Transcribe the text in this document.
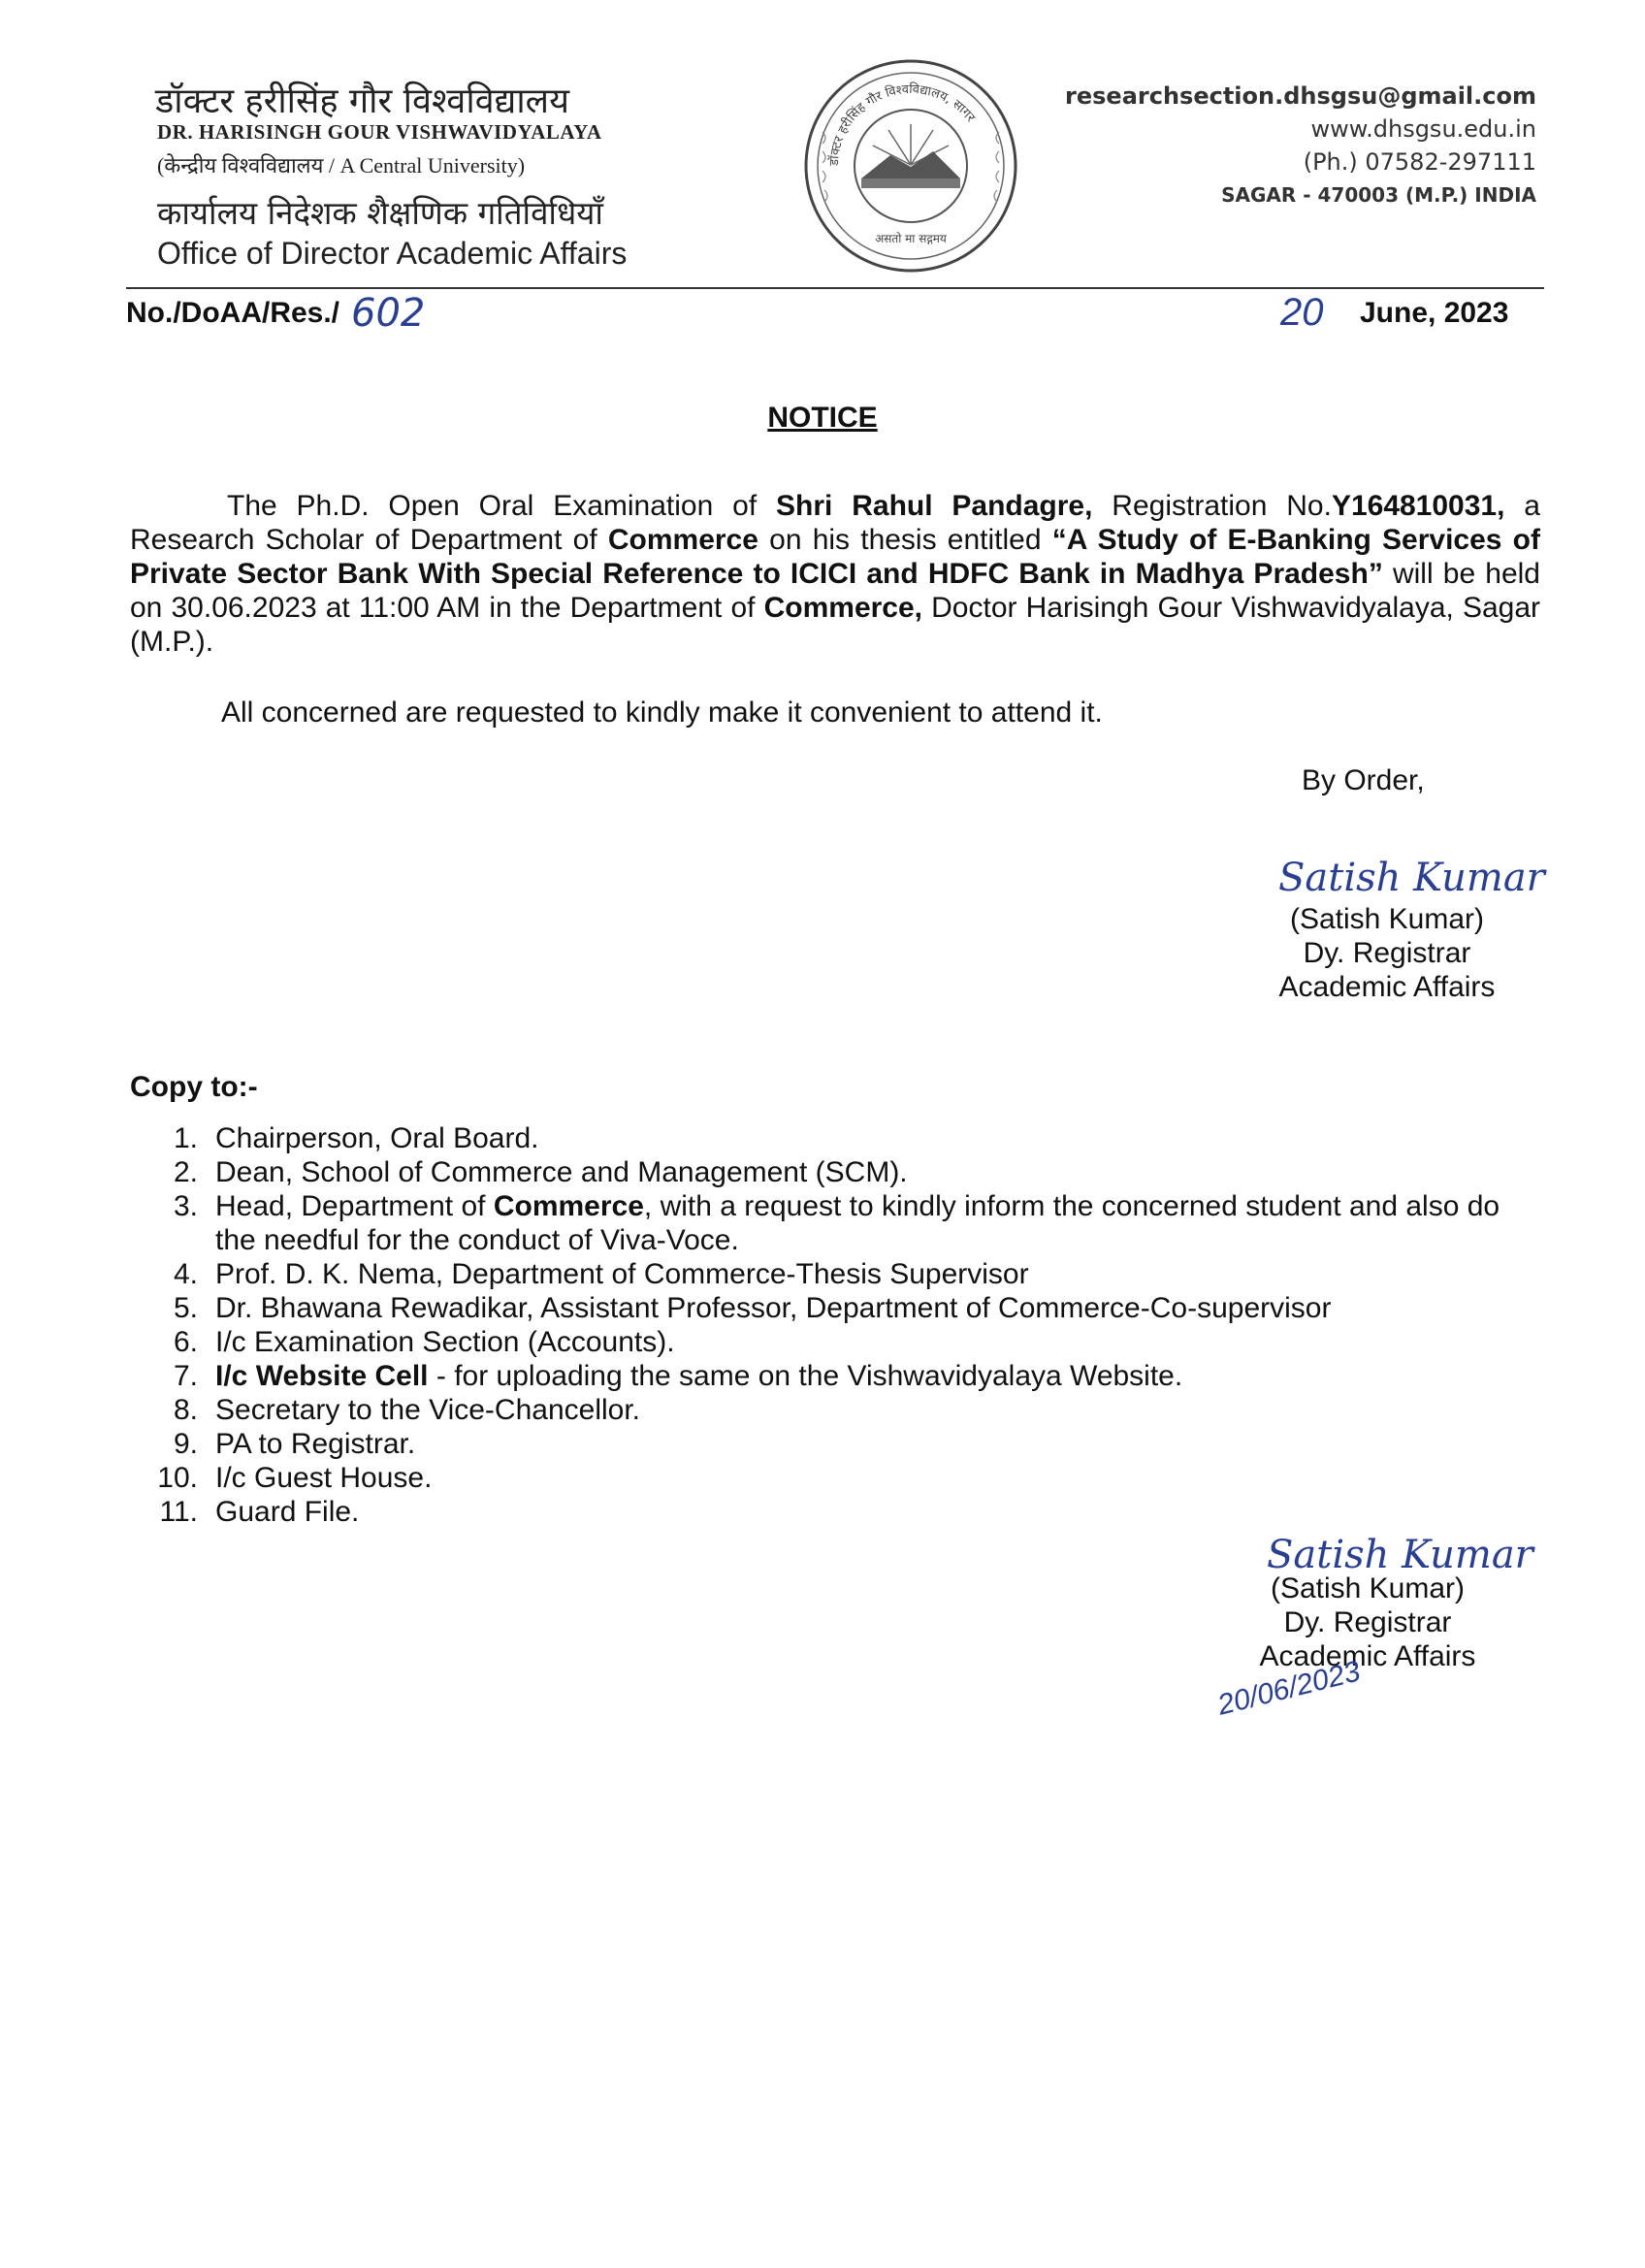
डॉक्टर हरीसिंह गौर विश्वविद्यालय
DR. HARISINGH GOUR VISHWAVIDYALAYA
(केन्द्रीय विश्वविद्यालय / A Central University)
कार्यालय निदेशक शैक्षणिक गतिविधियाँ
Office of Director Academic Affairs
डॉक्टर हरीसिंह गौर विश्वविद्यालय, सागर
असतो मा सद्गमय
researchsection.dhsgsu@gmail.com
www.dhsgsu.edu.in
(Ph.) 07582-297111
SAGAR - 470003 (M.P.) INDIA
No./DoAA/Res./ 602	20 June, 2023
NOTICE
The Ph.D. Open Oral Examination of Shri Rahul Pandagre, Registration No.Y164810031, a Research Scholar of Department of Commerce on his thesis entitled “A Study of E-Banking Services of Private Sector Bank With Special Reference to ICICI and HDFC Bank in Madhya Pradesh” will be held on 30.06.2023 at 11:00 AM in the Department of Commerce, Doctor Harisingh Gour Vishwavidyalaya, Sagar (M.P.).
All concerned are requested to kindly make it convenient to attend it.
By Order,
Satish Kumar
(Satish Kumar)
Dy. Registrar
Academic Affairs
Copy to:-
1. Chairperson, Oral Board.
2. Dean, School of Commerce and Management (SCM).
3. Head, Department of Commerce, with a request to kindly inform the concerned student and also do the needful for the conduct of Viva-Voce.
4. Prof. D. K. Nema, Department of Commerce-Thesis Supervisor
5. Dr. Bhawana Rewadikar, Assistant Professor, Department of Commerce-Co-supervisor
6. I/c Examination Section (Accounts).
7. I/c Website Cell - for uploading the same on the Vishwavidyalaya Website.
8. Secretary to the Vice-Chancellor.
9. PA to Registrar.
10. I/c Guest House.
11. Guard File.
Satish Kumar
(Satish Kumar)
Dy. Registrar
Academic Affairs
20/06/2023
